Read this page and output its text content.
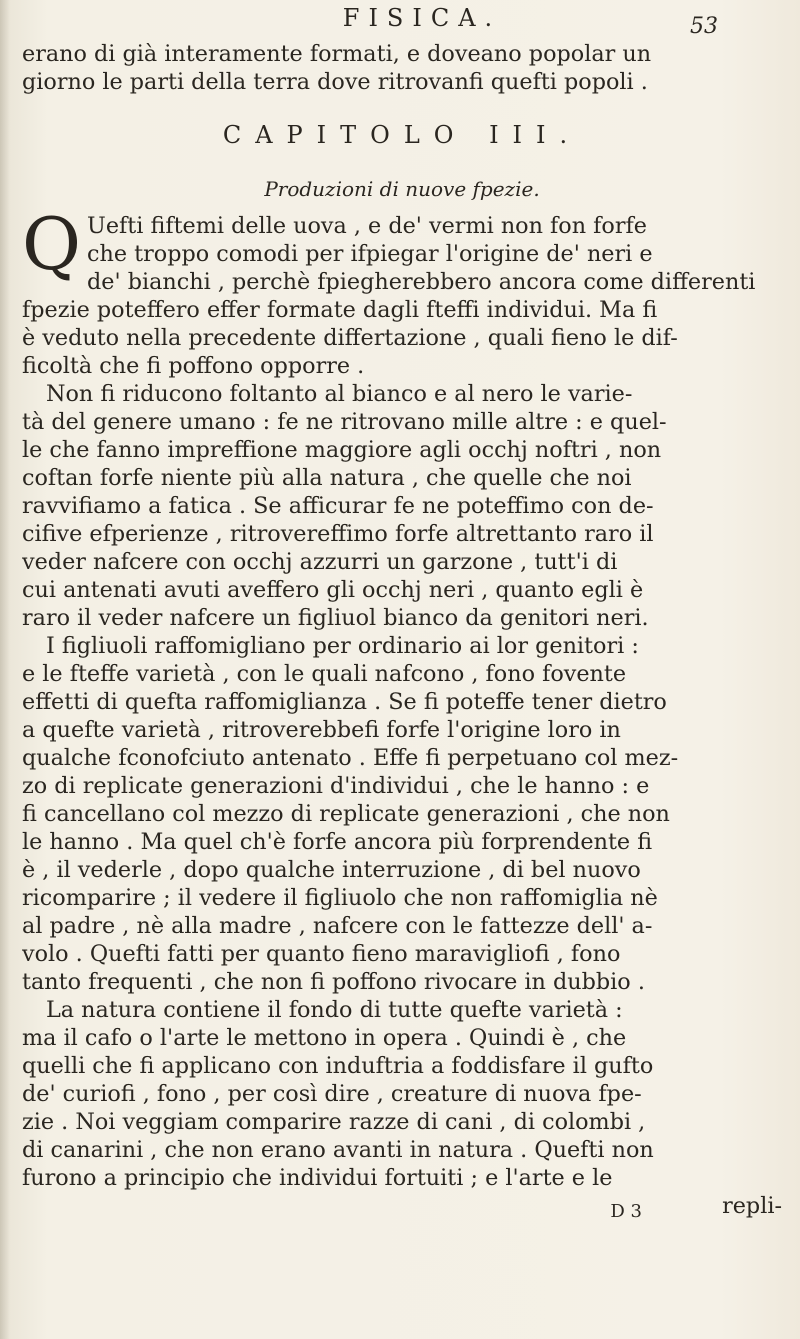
FISICA.	53
erano di già interamente formati, e doveano popolar un
giorno le parti della terra dove ritrovanfi quefti popoli .
CAPITOLO III.
Produzioni di nuove fpezie.
Q Uefti fiftemi delle uova , e de' vermi non fon forfe
che troppo comodi per ifpiegar l'origine de' neri e
de' bianchi , perchè fpiegherebbero ancora come differenti
fpezie poteffero effer formate dagli fteffi individui. Ma fi
è veduto nella precedente differtazione , quali fieno le dif-
ficoltà che fi poffono opporre .
Non fi riducono foltanto al bianco e al nero le varie-
tà del genere umano : fe ne ritrovano mille altre : e quel-
le che fanno impreffione maggiore agli occhj noftri , non
coftan forfe niente più alla natura , che quelle che noi
ravvifiamo a fatica . Se afficurar fe ne poteffimo con de-
cifive efperienze , ritrovereffimo forfe altrettanto raro il
veder nafcere con occhj azzurri un garzone , tutt'i di
cui antenati avuti aveffero gli occhj neri , quanto egli è
raro il veder nafcere un figliuol bianco da genitori neri.
I figliuoli raffomigliano per ordinario ai lor genitori :
e le fteffe varietà , con le quali nafcono , fono fovente
effetti di quefta raffomiglianza . Se fi poteffe tener dietro
a quefte varietà , ritroverebbefi forfe l'origine loro in
qualche fconofciuto antenato . Effe fi perpetuano col mez-
zo di replicate generazioni d'individui , che le hanno : e
fi cancellano col mezzo di replicate generazioni , che non
le hanno . Ma quel ch'è forfe ancora più forprendente fi
è , il vederle , dopo qualche interruzione , di bel nuovo
ricomparire ; il vedere il figliuolo che non raffomiglia nè
al padre , nè alla madre , nafcere con le fattezze dell' a-
volo . Quefti fatti per quanto fieno maravigliofi , fono
tanto frequenti , che non fi poffono rivocare in dubbio .
La natura contiene il fondo di tutte quefte varietà :
ma il cafo o l'arte le mettono in opera . Quindi è , che
quelli che fi applicano con induftria a foddisfare il gufto
de' curiofi , fono , per così dire , creature di nuova fpe-
zie . Noi veggiam comparire razze di cani , di colombi ,
di canarini , che non erano avanti in natura . Quefti non
furono a principio che individui fortuiti ; e l'arte e le
D 3	repli-
